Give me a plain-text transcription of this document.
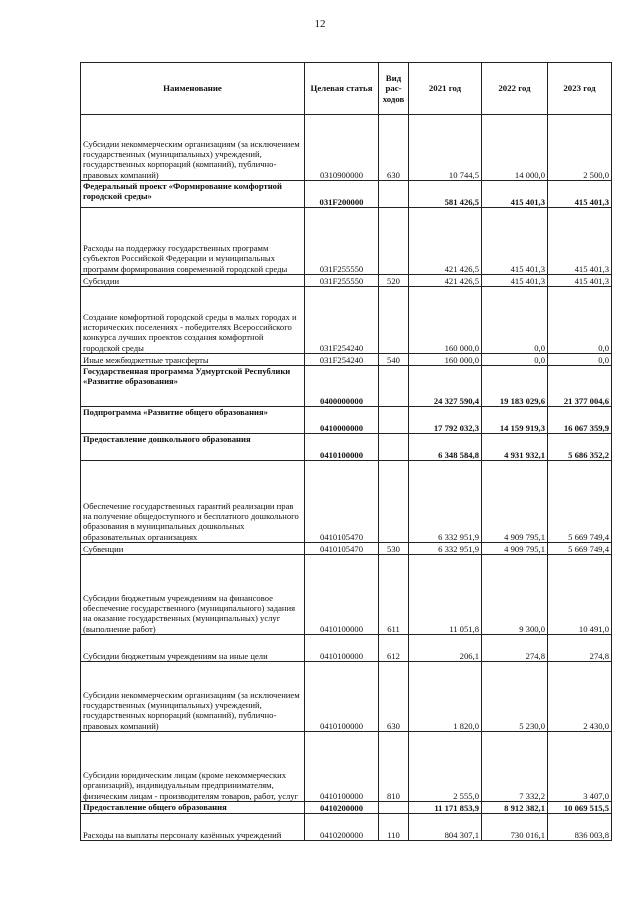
12
Наименование	Целевая статья	Вид рас-ходов	2021 год	2022 год	2023 год
Субсидии некоммерческим организациям (за исключением государственных (муниципальных) учреждений, государственных корпораций (компаний), публично-правовых компаний)	0310900000	630	10 744,5	14 000,0	2 500,0
Федеральный проект «Формирование комфортной городской среды»	031F200000		581 426,5	415 401,3	415 401,3
Расходы на поддержку государственных программ субъектов Российской Федерации и муниципальных программ формирования современной городской среды	031F255550		421 426,5	415 401,3	415 401,3
Субсидии	031F255550	520	421 426,5	415 401,3	415 401,3
Создание комфортной городской среды в малых городах и исторических поселениях - победителях Всероссийского конкурса лучших проектов создания комфортной городской среды	031F254240		160 000,0	0,0	0,0
Иные межбюджетные трансферты	031F254240	540	160 000,0	0,0	0,0
Государственная программа Удмуртской Республики «Развитие образования»	0400000000		24 327 590,4	19 183 029,6	21 377 004,6
Подпрограмма «Развитие общего образования»	0410000000		17 792 032,3	14 159 919,3	16 067 359,9
Предоставление дошкольного образования	0410100000		6 348 584,8	4 931 932,1	5 686 352,2
Обеспечение государственных гарантий реализации прав на получение общедоступного и бесплатного дошкольного образования в муниципальных дошкольных образовательных организациях	0410105470		6 332 951,9	4 909 795,1	5 669 749,4
Субвенции	0410105470	530	6 332 951,9	4 909 795,1	5 669 749,4
Субсидии бюджетным учреждениям на финансовое обеспечение государственного (муниципального) задания на оказание государственных (муниципальных) услуг (выполнение работ)	0410100000	611	11 051,8	9 300,0	10 491,0
Субсидии бюджетным учреждениям на иные цели	0410100000	612	206,1	274,8	274,8
Субсидии некоммерческим организациям (за исключением государственных (муниципальных) учреждений, государственных корпораций (компаний), публично-правовых компаний)	0410100000	630	1 820,0	5 230,0	2 430,0
Субсидии юридическим лицам (кроме некоммерческих организаций), индивидуальным предпринимателям, физическим лицам - производителям товаров, работ, услуг	0410100000	810	2 555,0	7 332,2	3 407,0
Предоставление общего образования	0410200000		11 171 853,9	8 912 382,1	10 069 515,5
Расходы на выплаты персоналу казённых учреждений	0410200000	110	804 307,1	730 016,1	836 003,8
